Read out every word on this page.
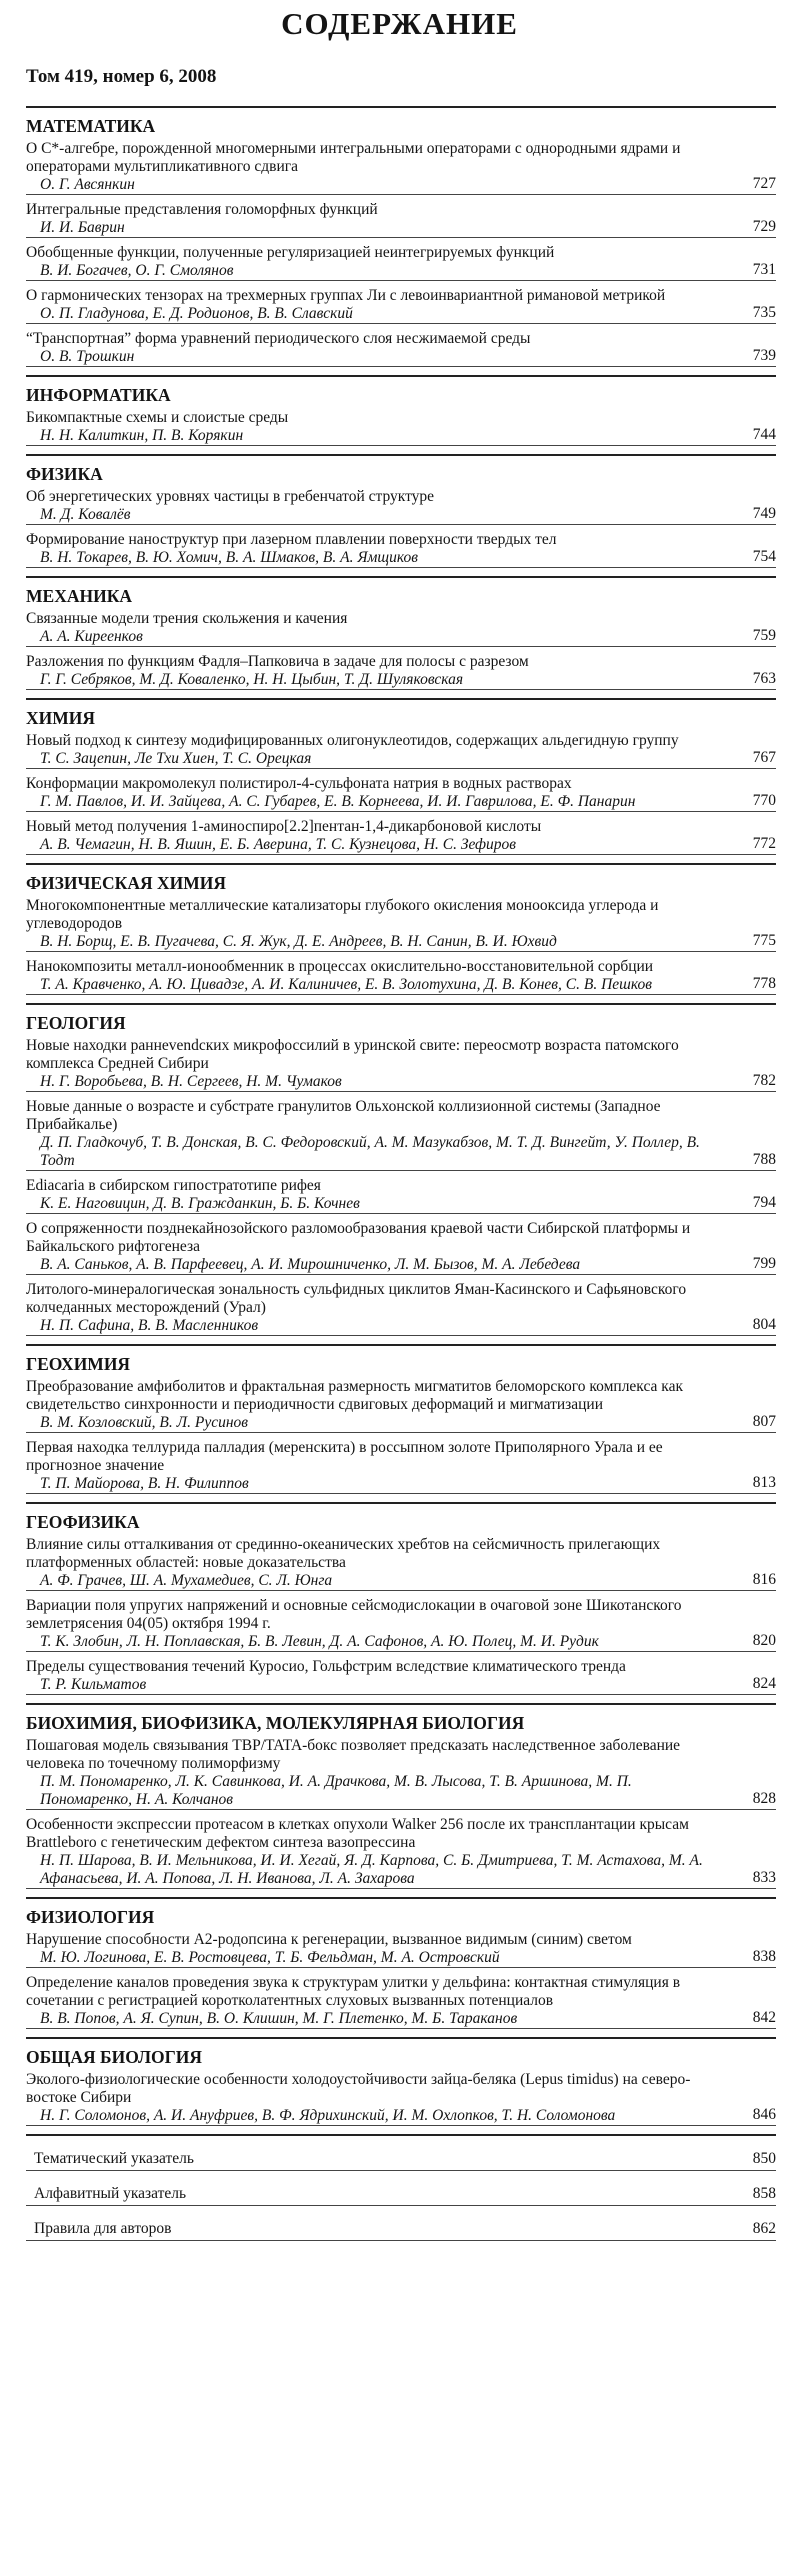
СОДЕРЖАНИЕ
Том 419, номер 6, 2008
МАТЕМАТИКА
О C*-алгебре, порожденной многомерными интегральными операторами с однородными ядрами и операторами мультипликативного сдвига
О. Г. Авсянкин	727
Интегральные представления голоморфных функций
И. И. Баврин	729
Обобщенные функции, полученные регуляризацией неинтегрируемых функций
В. И. Богачев, О. Г. Смолянов	731
О гармонических тензорах на трехмерных группах Ли с левоинвариантной римановой метрикой
О. П. Гладунова, Е. Д. Родионов, В. В. Славский	735
“Транспортная” форма уравнений периодического слоя несжимаемой среды
О. В. Трошкин	739
ИНФОРМАТИКА
Бикомпактные схемы и слоистые среды
Н. Н. Калиткин, П. В. Корякин	744
ФИЗИКА
Об энергетических уровнях частицы в гребенчатой структуре
М. Д. Ковалёв	749
Формирование наноструктур при лазерном плавлении поверхности твердых тел
В. Н. Токарев, В. Ю. Хомич, В. А. Шмаков, В. А. Ямщиков	754
МЕХАНИКА
Связанные модели трения скольжения и качения
А. А. Киреенков	759
Разложения по функциям Фадля–Папковича в задаче для полосы с разрезом
Г. Г. Себряков, М. Д. Коваленко, Н. Н. Цыбин, Т. Д. Шуляковская	763
ХИМИЯ
Новый подход к синтезу модифицированных олигонуклеотидов, содержащих альдегидную группу
Т. С. Зацепин, Ле Тхи Хиен, Т. С. Орецкая	767
Конформации макромолекул полистирол-4-сульфоната натрия в водных растворах
Г. М. Павлов, И. И. Зайцева, А. С. Губарев, Е. В. Корнеева, И. И. Гаврилова, Е. Ф. Панарин	770
Новый метод получения 1-аминоспиро[2.2]пентан-1,4-дикарбоновой кислоты
А. В. Чемагин, Н. В. Яшин, Е. Б. Аверина, Т. С. Кузнецова, Н. С. Зефиров	772
ФИЗИЧЕСКАЯ ХИМИЯ
Многокомпонентные металлические катализаторы глубокого окисления монооксида углерода и углеводородов
В. Н. Борщ, Е. В. Пугачева, С. Я. Жук, Д. Е. Андреев, В. Н. Санин, В. И. Юхвид	775
Нанокомпозиты металл-ионообменник в процессах окислительно-восстановительной сорбции
Т. А. Кравченко, А. Ю. Цивадзе, А. И. Калиничев, Е. В. Золотухина, Д. В. Конев, С. В. Пешков	778
ГЕОЛОГИЯ
Новые находки раннevendских микрофоссилий в уринской свите: переосмотр возраста патомского комплекса Средней Сибири
Н. Г. Воробьева, В. Н. Сергеев, Н. М. Чумаков	782
Новые данные о возрасте и субстрате гранулитов Ольхонской коллизионной системы (Западное Прибайкалье)
Д. П. Гладкочуб, Т. В. Донская, В. С. Федоровский, А. М. Мазукабзов, М. Т. Д. Вингейт, У. Поллер, В. Тодт	788
Ediacaria в сибирском гипостратотипе рифея
К. Е. Наговицин, Д. В. Гражданкин, Б. Б. Кочнев	794
О сопряженности позднекайнозойского разломообразования краевой части Сибирской платформы и Байкальского рифтогенеза
В. А. Саньков, А. В. Парфеевец, А. И. Мирошниченко, Л. М. Бызов, М. А. Лебедева	799
Литолого-минералогическая зональность сульфидных циклитов Яман-Касинского и Сафьяновского колчеданных месторождений (Урал)
Н. П. Сафина, В. В. Масленников	804
ГЕОХИМИЯ
Преобразование амфиболитов и фрактальная размерность мигматитов беломорского комплекса как свидетельство синхронности и периодичности сдвиговых деформаций и мигматизации
В. М. Козловский, В. Л. Русинов	807
Первая находка теллурида палладия (меренскита) в россыпном золоте Приполярного Урала и ее прогнозное значение
Т. П. Майорова, В. Н. Филиппов	813
ГЕОФИЗИКА
Влияние силы отталкивания от срединно-океанических хребтов на сейсмичность прилегающих платформенных областей: новые доказательства
А. Ф. Грачев, Ш. А. Мухамедиев, С. Л. Юнга	816
Вариации поля упругих напряжений и основные сейсмодислокации в очаговой зоне Шикотанского землетрясения 04(05) октября 1994 г.
Т. К. Злобин, Л. Н. Поплавская, Б. В. Левин, Д. А. Сафонов, А. Ю. Полец, М. И. Рудик	820
Пределы существования течений Куросио, Гольфстрим вследствие климатического тренда
Т. Р. Кильматов	824
БИОХИМИЯ, БИОФИЗИКА, МОЛЕКУЛЯРНАЯ БИОЛОГИЯ
Пошаговая модель связывания TBP/TATA-бокс позволяет предсказать наследственное заболевание человека по точечному полиморфизму
П. М. Пономаренко, Л. К. Савинкова, И. А. Драчкова, М. В. Лысова, Т. В. Аршинова, М. П. Пономаренко, Н. А. Колчанов	828
Особенности экспрессии протеасом в клетках опухоли Walker 256 после их трансплантации крысам Brattleboro с генетическим дефектом синтеза вазопрессина
Н. П. Шарова, В. И. Мельникова, И. И. Хегай, Я. Д. Карпова, С. Б. Дмитриева, Т. М. Астахова, М. А. Афанасьева, И. А. Попова, Л. Н. Иванова, Л. А. Захарова	833
ФИЗИОЛОГИЯ
Нарушение способности А2-родопсина к регенерации, вызванное видимым (синим) светом
М. Ю. Логинова, Е. В. Ростовцева, Т. Б. Фельдман, М. А. Островский	838
Определение каналов проведения звука к структурам улитки у дельфина: контактная стимуляция в сочетании с регистрацией коротколатентных слуховых вызванных потенциалов
В. В. Попов, А. Я. Супин, В. О. Клишин, М. Г. Плетенко, М. Б. Тараканов	842
ОБЩАЯ БИОЛОГИЯ
Эколого-физиологические особенности холодоустойчивости зайца-беляка (Lepus timidus) на северо-востоке Сибири
Н. Г. Соломонов, А. И. Ануфриев, В. Ф. Ядрихинский, И. М. Охлопков, Т. Н. Соломонова	846
Тематический указатель	850
Алфавитный указатель	858
Правила для авторов	862
